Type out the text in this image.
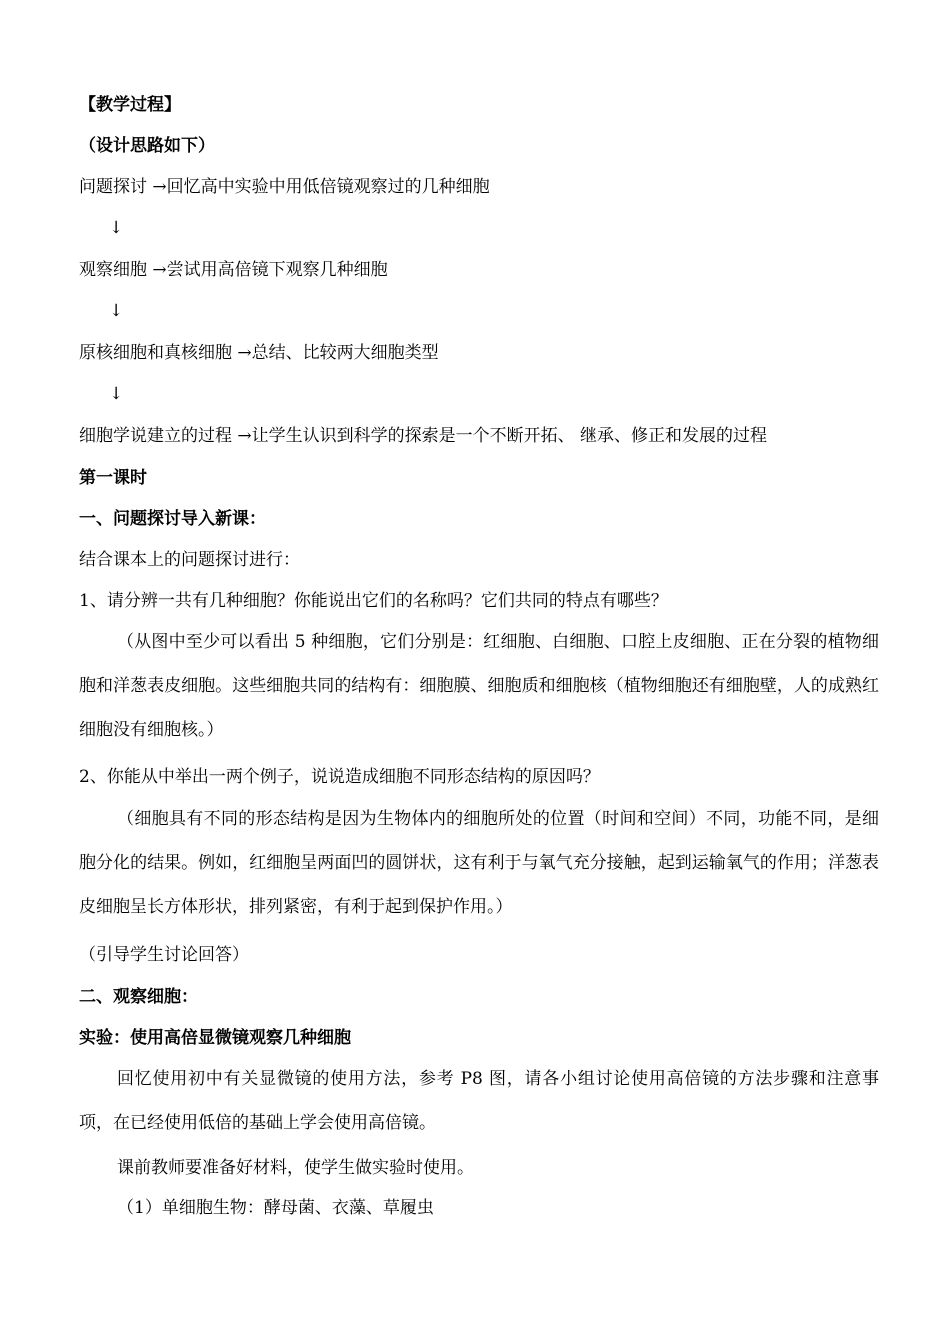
【教学过程】
（设计思路如下）
问题探讨 →回忆高中实验中用低倍镜观察过的几种细胞
↓
观察细胞 →尝试用高倍镜下观察几种细胞
↓
原核细胞和真核细胞 →总结、比较两大细胞类型
↓
细胞学说建立的过程 →让学生认识到科学的探索是一个不断开拓、 继承、修正和发展的过程
第一课时
一、问题探讨导入新课：
结合课本上的问题探讨进行：
1、请分辨一共有几种细胞？你能说出它们的名称吗？它们共同的特点有哪些？
（从图中至少可以看出 5 种细胞，它们分别是：红细胞、白细胞、口腔上皮细胞、正在分裂的植物细胞和洋葱表皮细胞。这些细胞共同的结构有：细胞膜、细胞质和细胞核（植物细胞还有细胞壁，人的成熟红细胞没有细胞核。）
2、你能从中举出一两个例子，说说造成细胞不同形态结构的原因吗？
（细胞具有不同的形态结构是因为生物体内的细胞所处的位置（时间和空间）不同，功能不同，是细胞分化的结果。例如，红细胞呈两面凹的圆饼状，这有利于与氧气充分接触，起到运输氧气的作用；洋葱表皮细胞呈长方体形状，排列紧密，有利于起到保护作用。）
（引导学生讨论回答）
二、观察细胞：
实验：使用高倍显微镜观察几种细胞
回忆使用初中有关显微镜的使用方法，参考 P8 图，请各小组讨论使用高倍镜的方法步骤和注意事项，在已经使用低倍的基础上学会使用高倍镜。
课前教师要准备好材料，使学生做实验时使用。
（1）单细胞生物：酵母菌、衣藻、草履虫
